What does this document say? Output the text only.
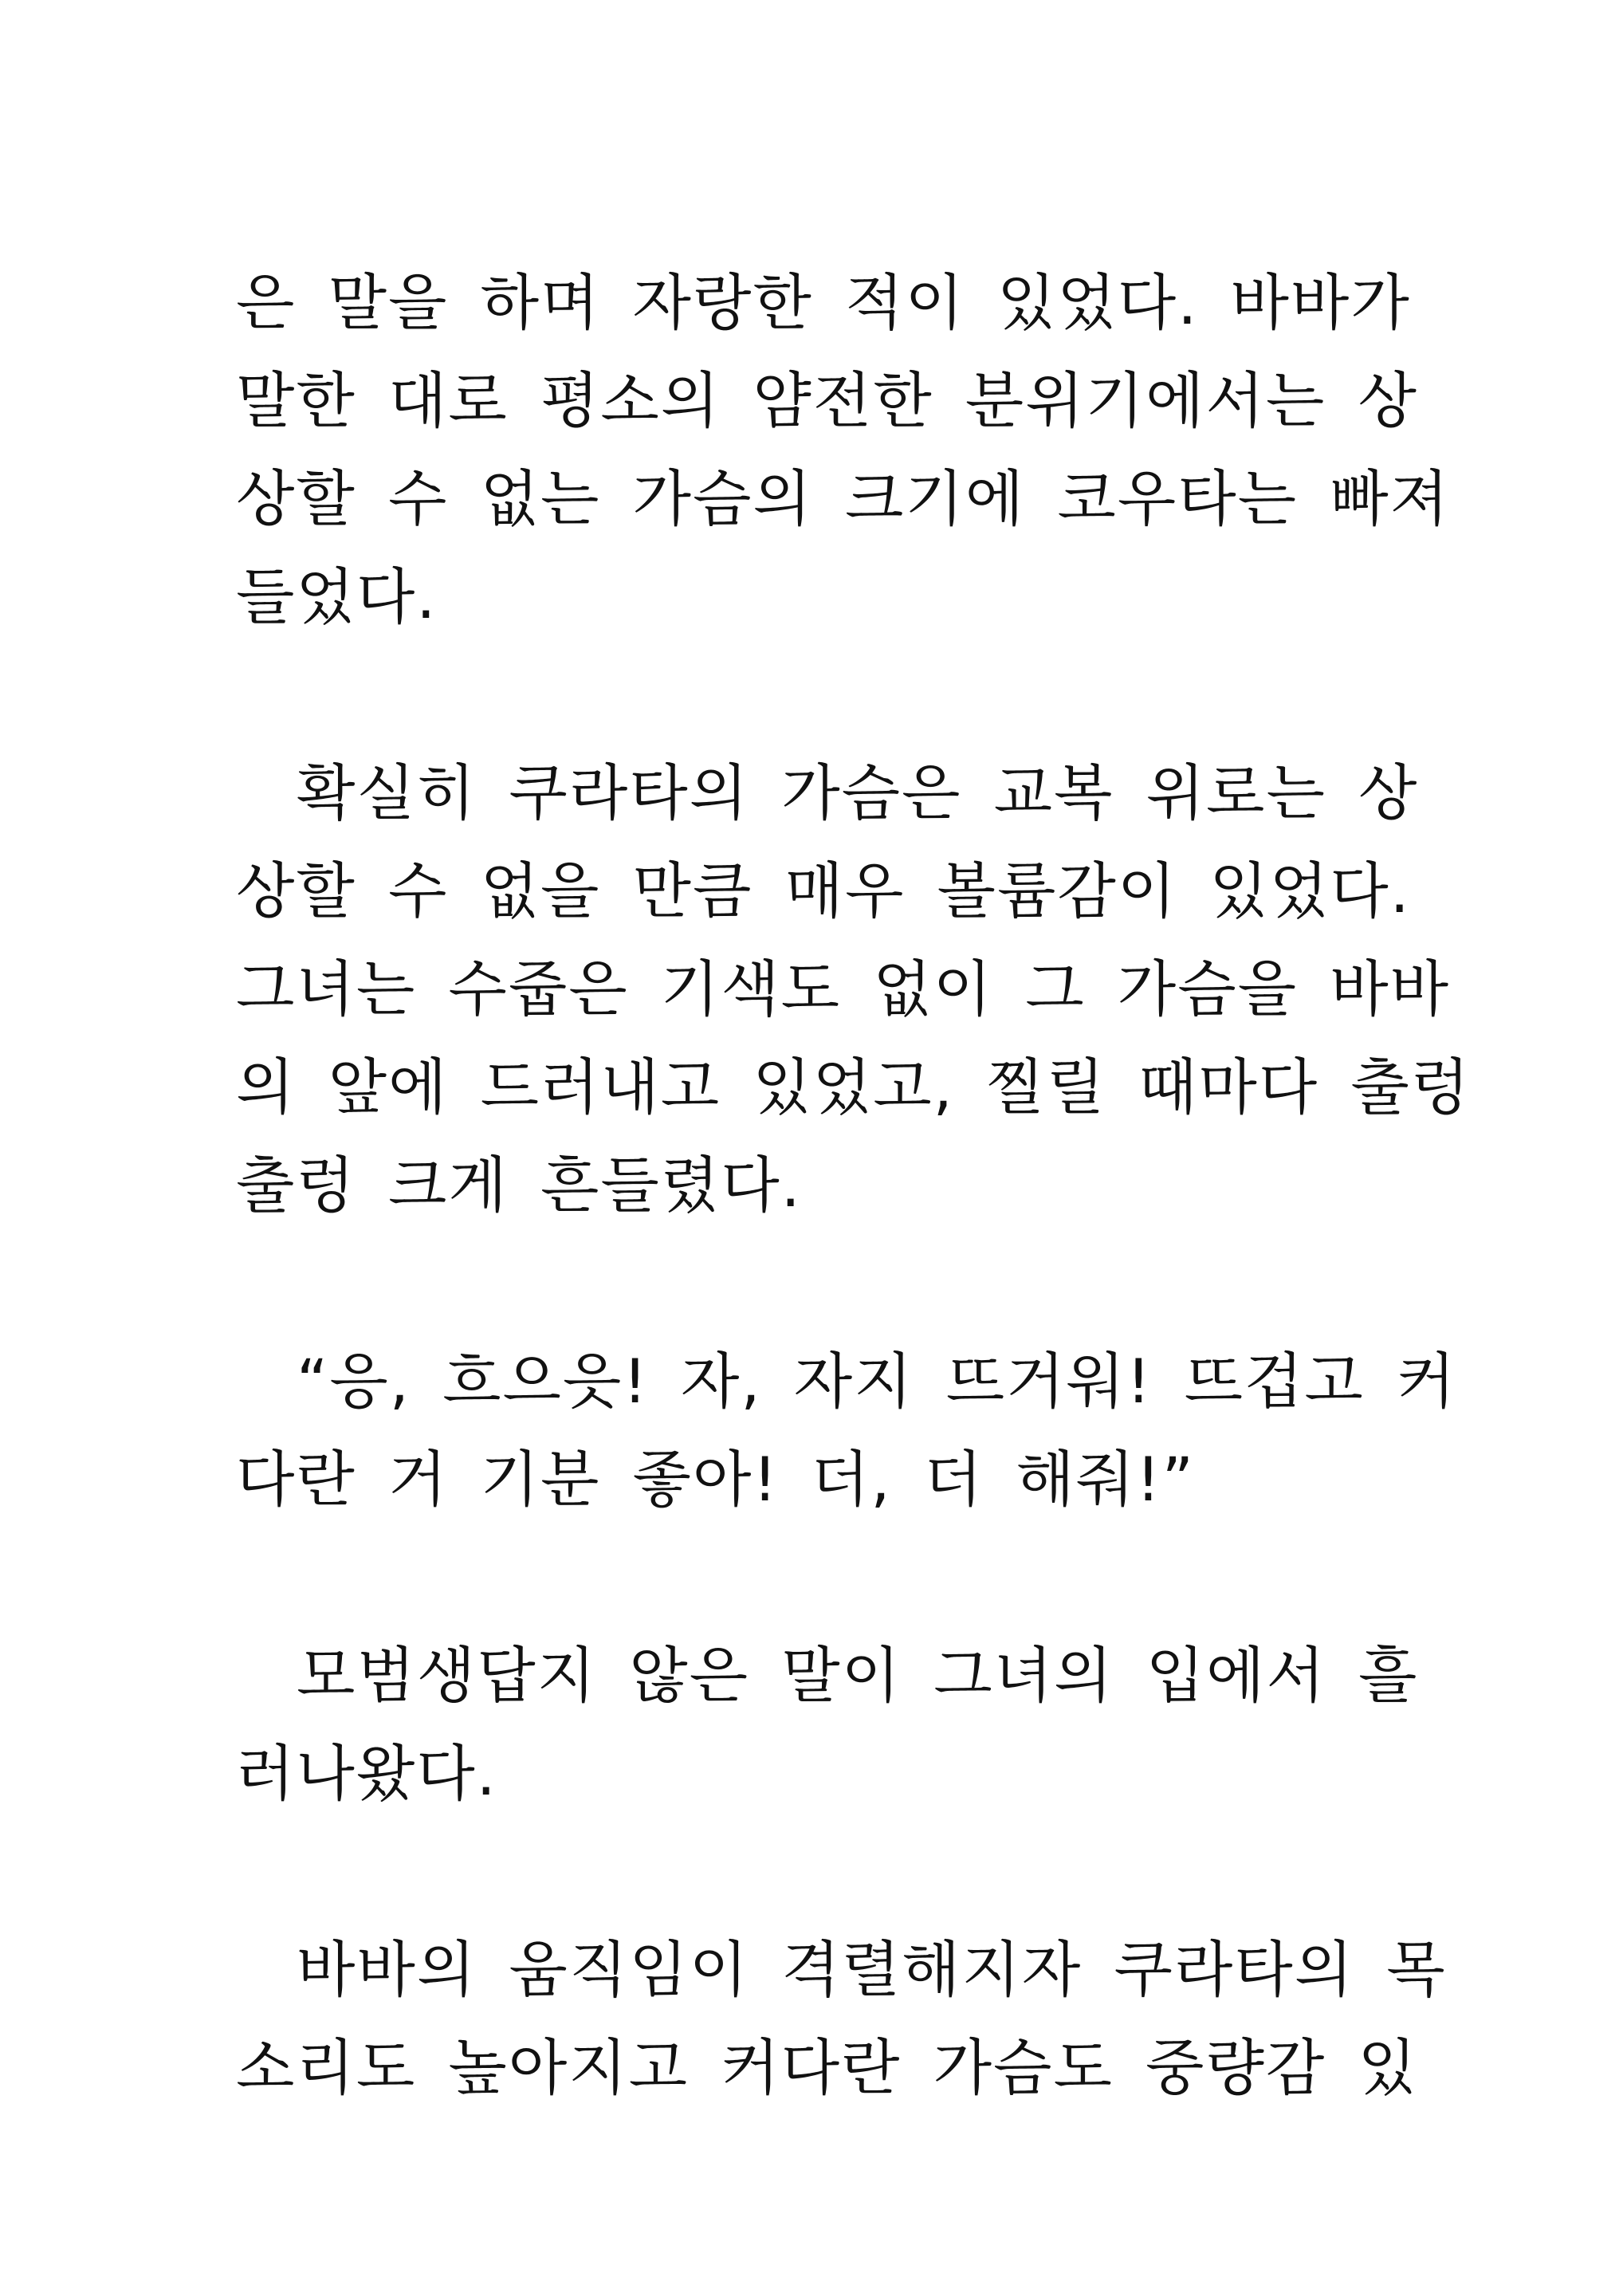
은 말을 하며 자랑한 적이 있었다. 바바가
말한 대로 평소의 얌전한 분위기에서는 상
상할 수 없는 가슴의 크기에 코우타는 빠져
들었다.
확실히 쿠라타의 가슴은 교복 위로는 상
상할 수 없을 만큼 매우 볼륨감이 있었다.
그녀는 수줍은 기색도 없이 그 가슴을 바바
의 앞에 드러내고 있었고, 찔릴 때마다 출렁
출렁 크게 흔들렸다.
“응, 흐으읏! 자, 자지 뜨거워! 뜨겁고 커
다란 거 기분 좋아! 더, 더 해줘!”
모범생답지 않은 말이 그녀의 입에서 흘
러나왔다.
바바의 움직임이 격렬해지자 쿠라타의 목
소리도 높아지고 커다란 가슴도 중량감 있
